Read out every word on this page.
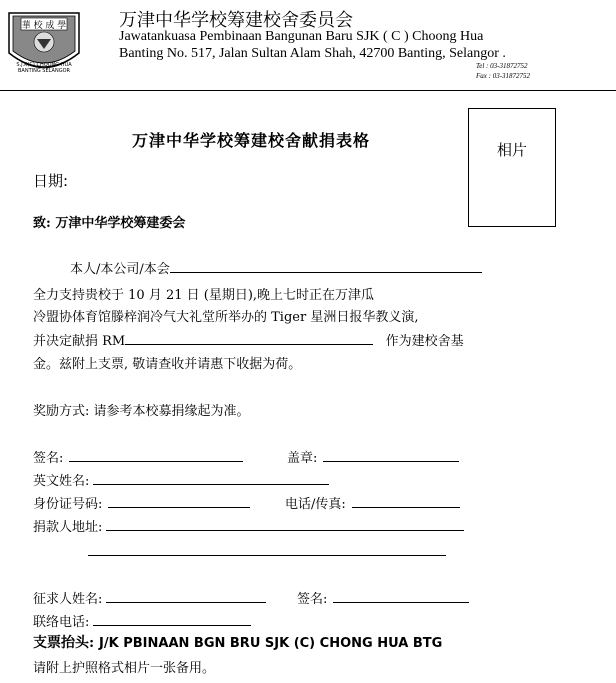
華 校 成 學
S.J.K(C) CHOONG HUA
BANTING SELANGOR
万津中华学校筹建校舍委员会
Jawatankuasa Pembinaan Bangunan Baru SJK ( C ) Choong Hua
Banting No. 517, Jalan Sultan Alam Shah, 42700 Banting, Selangor .
Tel : 03-31872752
Fax : 03-31872752
相片
万津中华学校筹建校舍献捐表格
日期:
致: 万津中华学校筹建委会
本人/本公司/本会
全力支持贵校于 10 月 21 日 (星期日),晚上七时正在万津瓜
冷盟协体育馆滕梓润冷气大礼堂所举办的 Tiger 星洲日报华教义演,
并决定献捐 RM	作为建校舍基
金。兹附上支票, 敬请查收并请惠下收据为荷。
奖励方式: 请参考本校募捐缘起为准。
签名:	盖章:
英文姓名:
身份证号码:	电话/传真:
捐款人地址:
征求人姓名:	签名:
联络电话:
支票抬头: J/K PBINAAN BGN BRU SJK (C) CHONG HUA BTG
请附上护照格式相片一张备用。
